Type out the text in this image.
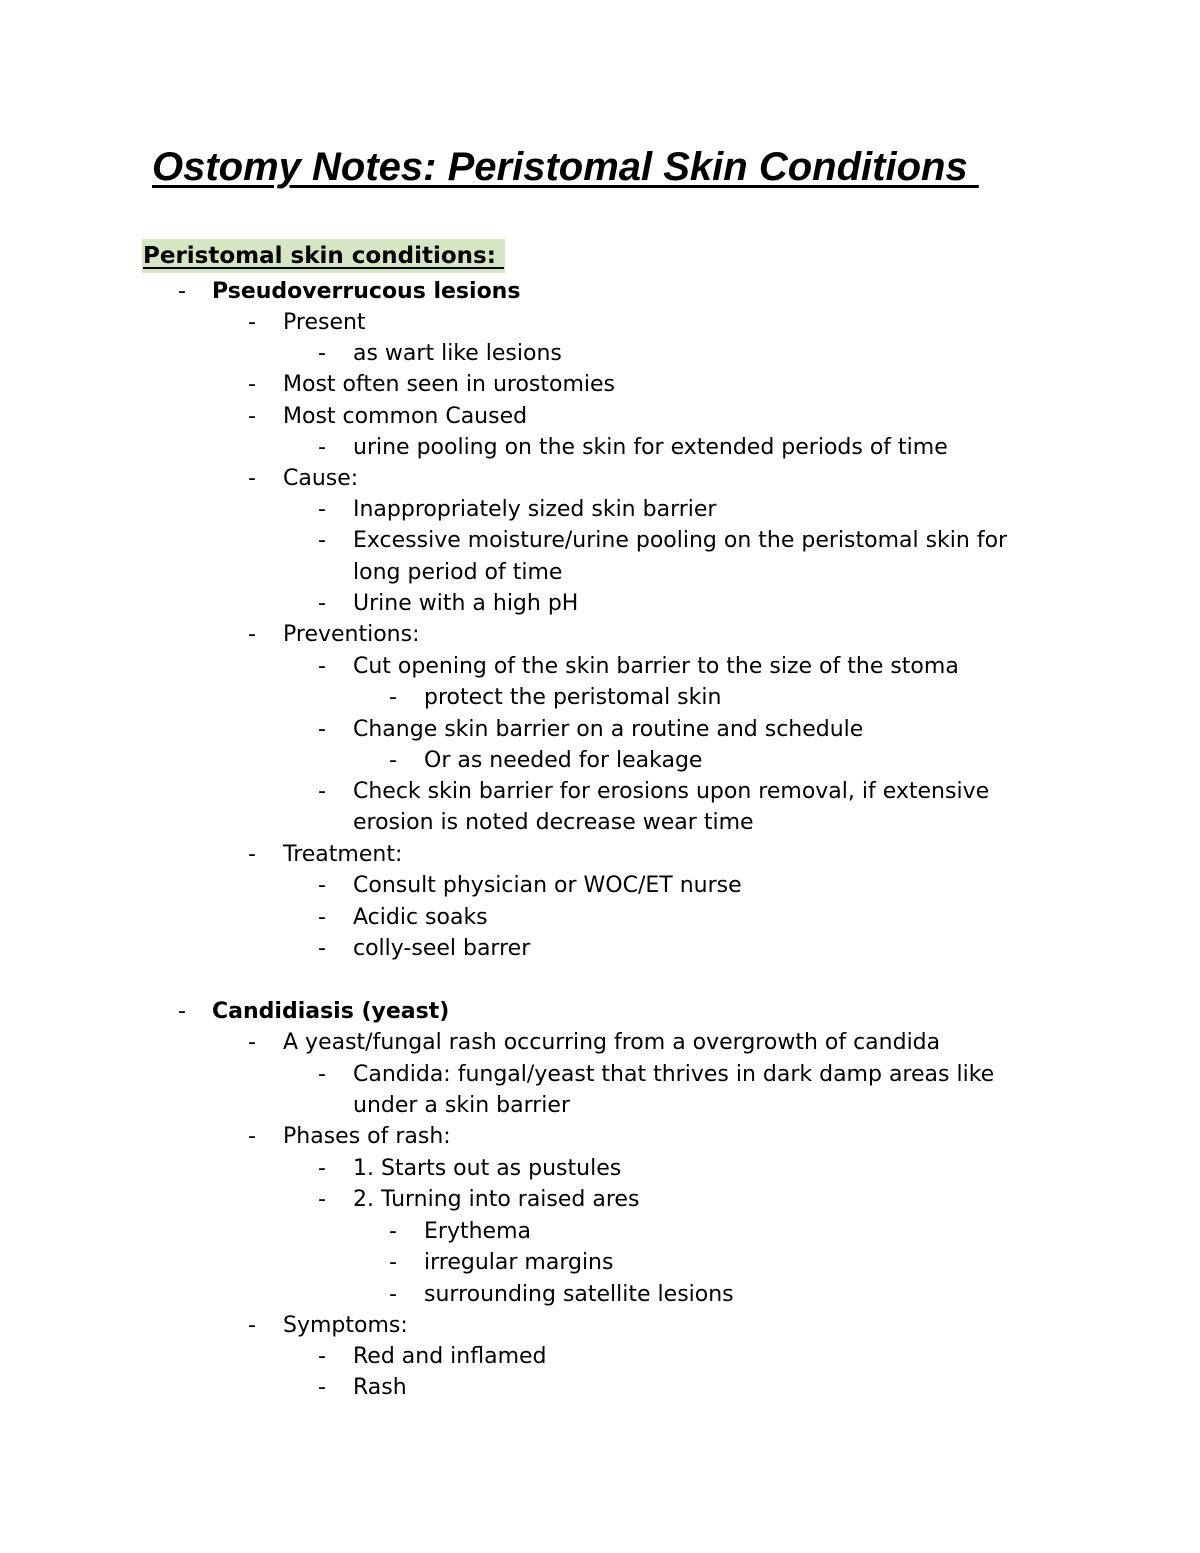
Ostomy Notes: Peristomal Skin Conditions
Peristomal skin conditions:
- Pseudoverrucous lesions
- Present
- as wart like lesions
- Most often seen in urostomies
- Most common Caused
- urine pooling on the skin for extended periods of time
- Cause:
- Inappropriately sized skin barrier
- Excessive moisture/urine pooling on the peristomal skin for
long period of time
- Urine with a high pH
- Preventions:
- Cut opening of the skin barrier to the size of the stoma
- protect the peristomal skin
- Change skin barrier on a routine and schedule
- Or as needed for leakage
- Check skin barrier for erosions upon removal, if extensive
erosion is noted decrease wear time
- Treatment:
- Consult physician or WOC/ET nurse
- Acidic soaks
- colly-seel barrer
- Candidiasis (yeast)
- A yeast/fungal rash occurring from a overgrowth of candida
- Candida: fungal/yeast that thrives in dark damp areas like
under a skin barrier
- Phases of rash:
- 1. Starts out as pustules
- 2. Turning into raised ares
- Erythema
- irregular margins
- surrounding satellite lesions
- Symptoms:
- Red and inflamed
- Rash
